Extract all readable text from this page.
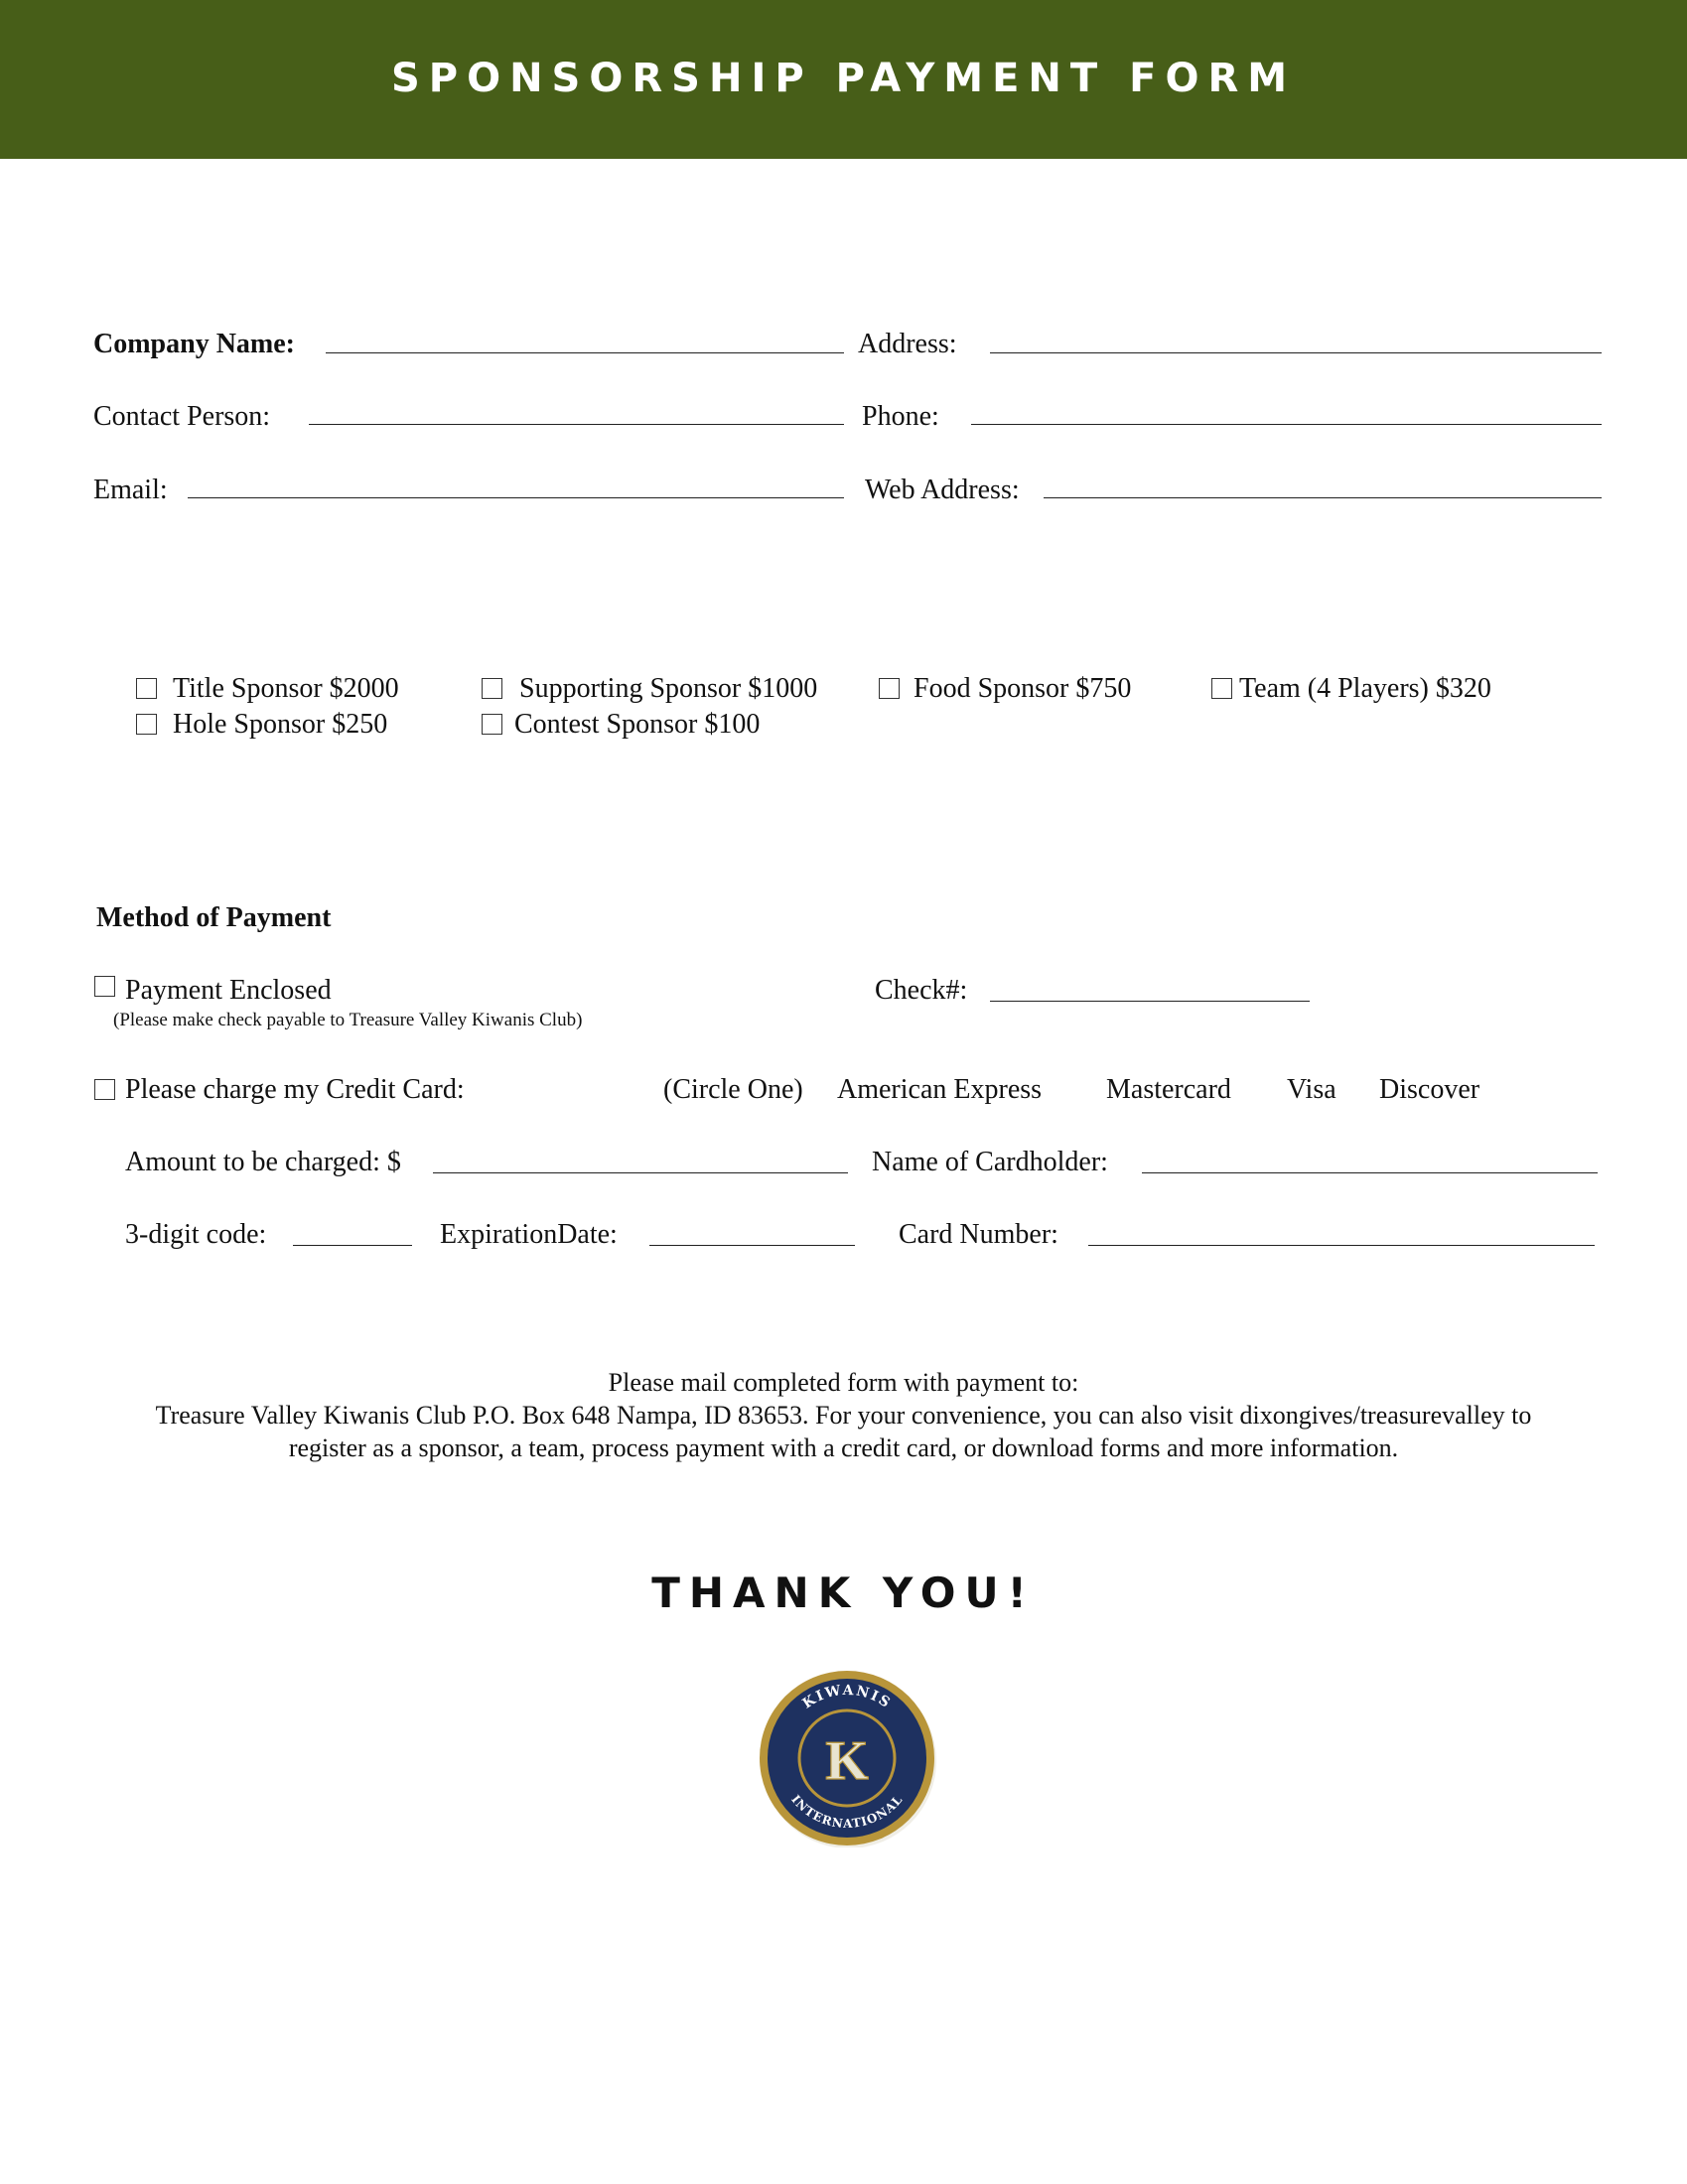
SPONSORSHIP PAYMENT FORM
Company Name:	Address:
Contact Person:	Phone:
Email:	Web Address:
Title Sponsor $2000	Supporting Sponsor $1000	Food Sponsor $750	Team (4 Players) $320
Hole Sponsor $250	Contest Sponsor $100
Method of Payment
Payment Enclosed
(Please make check payable to Treasure Valley Kiwanis Club)
Check#:
Please charge my Credit Card:	(Circle One) American Express Mastercard Visa Discover
Amount to be charged: $	Name of Cardholder:
3-digit code:	ExpirationDate:	Card Number:
Please mail completed form with payment to:
Treasure Valley Kiwanis Club P.O. Box 648 Nampa, ID 83653. For your convenience, you can also visit dixongives/treasurevalley to
register as a sponsor, a team, process payment with a credit card, or download forms and more information.
THANK YOU!
K
KIWANIS
INTERNATIONAL
